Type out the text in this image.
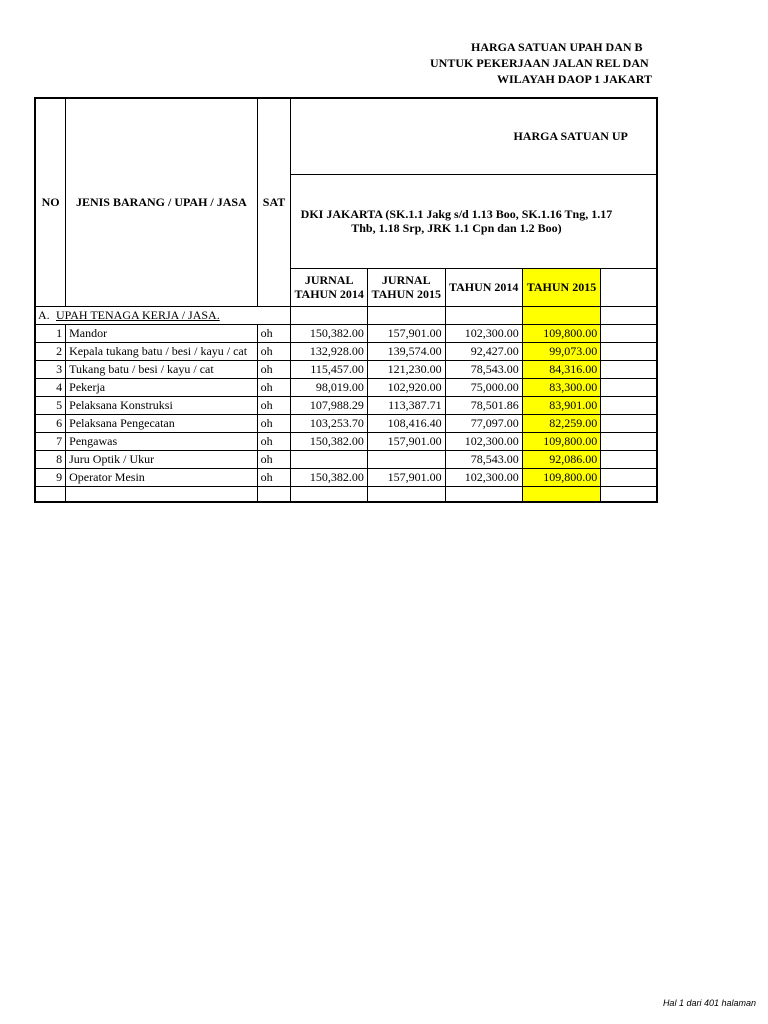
HARGA SATUAN UPAH DAN B
UNTUK PEKERJAAN JALAN REL DAN
WILAYAH DAOP 1 JAKART
NO	JENIS BARANG / UPAH / JASA	SAT	HARGA SATUAN UP				

			DKI JAKARTA (SK.1.1 Jakg s/d 1.13 Boo, SK.1.16 Tng, 1.17 Thb, 1.18 Srp, JRK 1.1 Cpn dan 1.2 Boo)				

			JURNAL TAHUN 2014	JURNAL TAHUN 2015	TAHUN 2014	TAHUN 2015	
A. UPAH TENAGA KERJA / JASA.							
1	Mandor	oh	150,382.00	157,901.00	102,300.00	109,800.00	
2	Kepala tukang batu / besi / kayu / cat	oh	132,928.00	139,574.00	92,427.00	99,073.00	
3	Tukang batu / besi / kayu / cat	oh	115,457.00	121,230.00	78,543.00	84,316.00	
4	Pekerja	oh	98,019.00	102,920.00	75,000.00	83,300.00	
5	Pelaksana Konstruksi	oh	107,988.29	113,387.71	78,501.86	83,901.00	
6	Pelaksana Pengecatan	oh	103,253.70	108,416.40	77,097.00	82,259.00	
7	Pengawas	oh	150,382.00	157,901.00	102,300.00	109,800.00	
8	Juru Optik / Ukur	oh			78,543.00	92,086.00	
9	Operator Mesin	oh	150,382.00	157,901.00	102,300.00	109,800.00	

Hal 1 dari 401 halaman
